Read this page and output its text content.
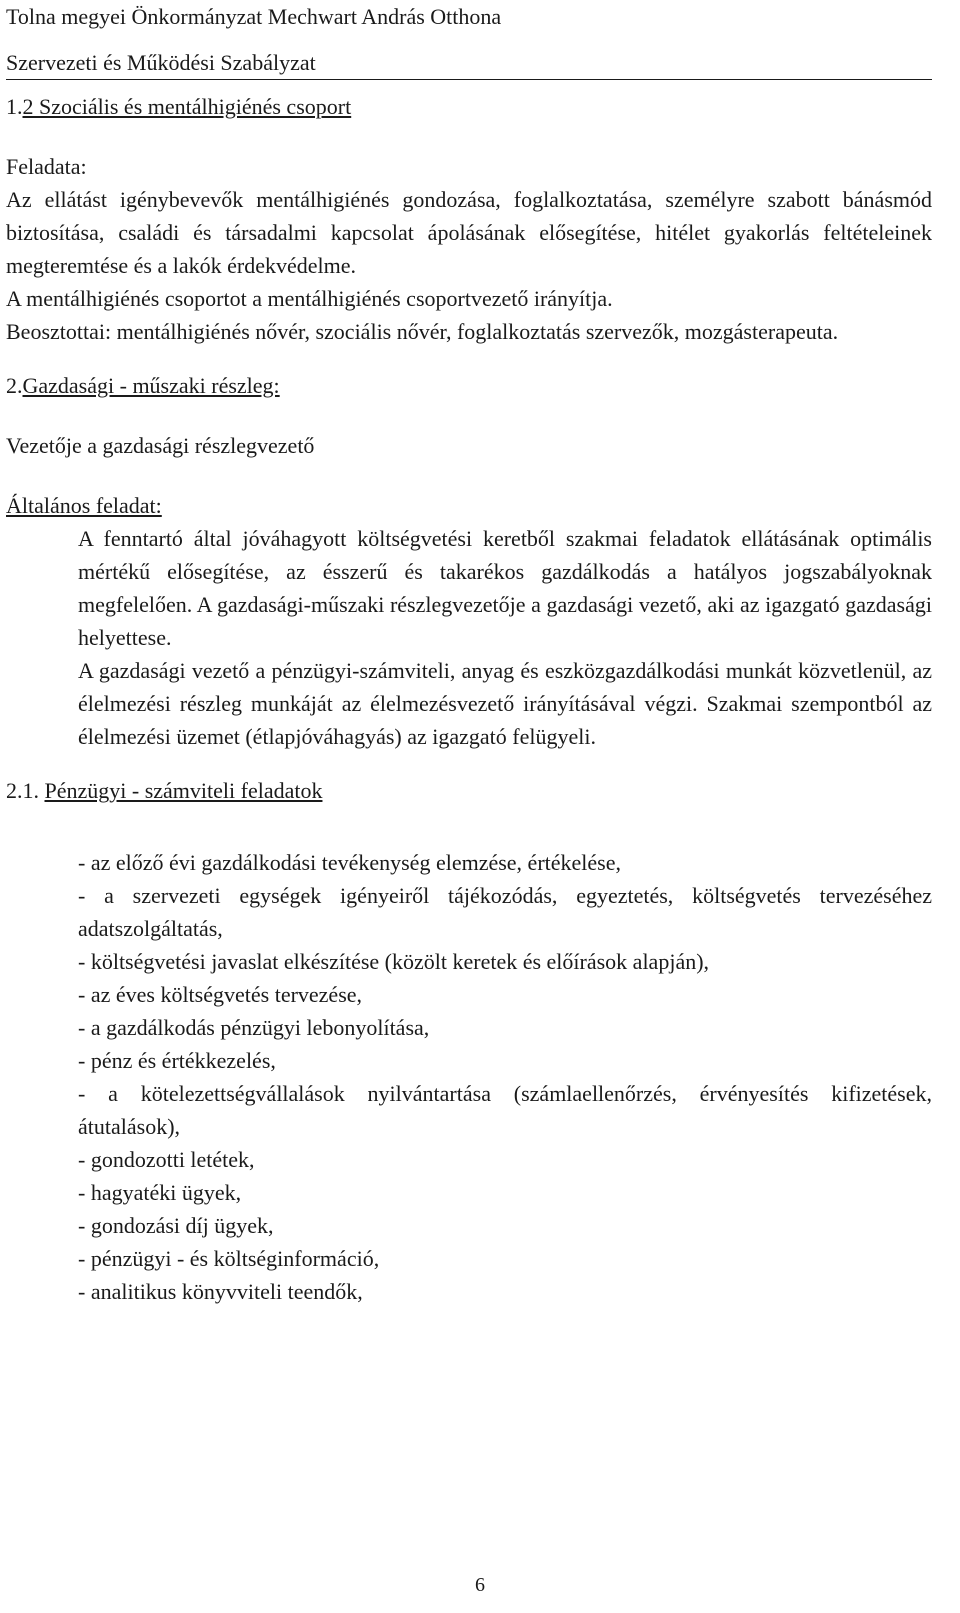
Tolna megyei Önkormányzat Mechwart András Otthona
Szervezeti és Működési Szabályzat

1.2 Szociális és mentálhigiénés csoport

Feladata:

Az ellátást igénybevevők mentálhigiénés gondozása, foglalkoztatása, személyre szabott bánásmód biztosítása, családi és társadalmi kapcsolat ápolásának elősegítése, hitélet gyakorlás feltételeinek megteremtése és a lakók érdekvédelme.

A mentálhigiénés csoportot a mentálhigiénés csoportvezető irányítja.

Beosztottai: mentálhigiénés nővér, szociális nővér, foglalkoztatás szervezők, mozgásterapeuta.

2.Gazdasági - műszaki részleg:

Vezetője a gazdasági részlegvezető

Általános feladat:

A fenntartó által jóváhagyott költségvetési keretből szakmai feladatok ellátásának optimális mértékű elősegítése, az ésszerű és takarékos gazdálkodás a hatályos jogszabályoknak megfelelően. A gazdasági-műszaki részlegvezetője a gazdasági vezető, aki az igazgató gazdasági helyettese.

A gazdasági vezető a pénzügyi-számviteli, anyag és eszközgazdálkodási munkát közvetlenül, az élelmezési részleg munkáját az élelmezésvezető irányításával végzi. Szakmai szempontból az élelmezési üzemet (étlapjóváhagyás) az igazgató felügyeli.

2.1. Pénzügyi - számviteli feladatok

- az előző évi gazdálkodási tevékenység elemzése, értékelése,
- a szervezeti egységek igényeiről tájékozódás, egyeztetés, költségvetés tervezéséhez adatszolgáltatás,
- költségvetési javaslat elkészítése (közölt keretek és előírások alapján),
- az éves költségvetés tervezése,
- a gazdálkodás pénzügyi lebonyolítása,
- pénz és értékkezelés,
- a kötelezettségvállalások nyilvántartása (számlaellenőrzés, érvényesítés kifizetések, átutalások),
- gondozotti letétek,
- hagyatéki ügyek,
- gondozási díj ügyek,
- pénzügyi - és költséginformáció,
- analitikus könyvviteli teendők,
6
